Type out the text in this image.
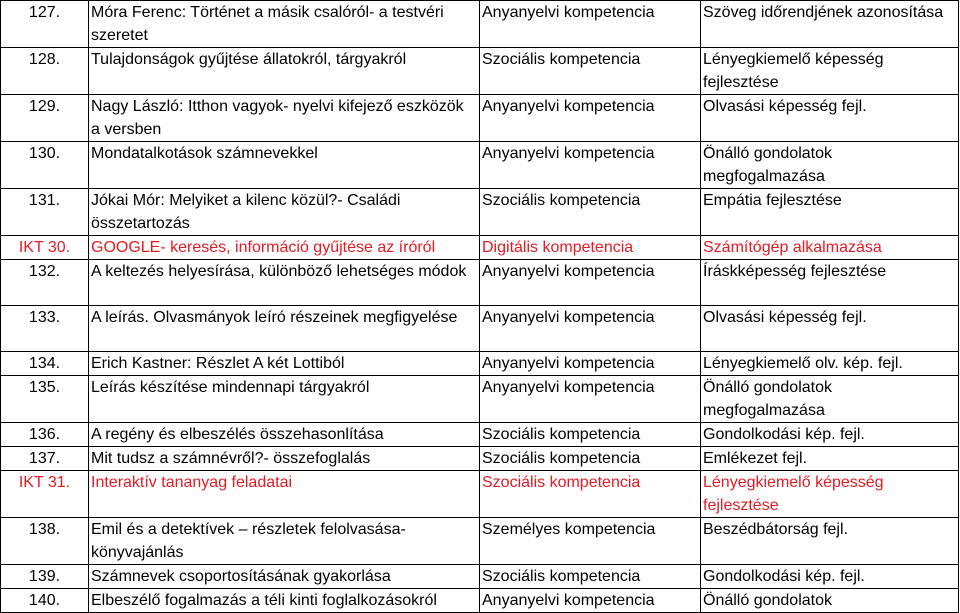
127.	Móra Ferenc: Történet a másik csalóról- a testvéri szeretet	Anyanyelvi kompetencia	Szöveg időrendjének azonosítása
128.	Tulajdonságok gyűjtése állatokról, tárgyakról	Szociális kompetencia	Lényegkiemelő képesség fejlesztése
129.	Nagy László: Itthon vagyok- nyelvi kifejező eszközök a versben	Anyanyelvi kompetencia	Olvasási képesség fejl.
130.	Mondatalkotások számnevekkel	Anyanyelvi kompetencia	Önálló gondolatok megfogalmazása
131.	Jókai Mór: Melyiket a kilenc közül?- Családi összetartozás	Szociális kompetencia	Empátia fejlesztése
IKT 30.	GOOGLE- keresés, információ gyűjtése az íróról	Digitális kompetencia	Számítógép alkalmazása
132.	A keltezés helyesírása, különböző lehetséges módok	Anyanyelvi kompetencia	Íráskképesség fejlesztése
133.	A leírás. Olvasmányok leíró részeinek megfigyelése	Anyanyelvi kompetencia	Olvasási képesség fejl.
134.	Erich Kastner: Részlet A két Lottiból	Anyanyelvi kompetencia	Lényegkiemelő olv. kép. fejl.
135.	Leírás készítése mindennapi tárgyakról	Anyanyelvi kompetencia	Önálló gondolatok megfogalmazása
136.	A regény és elbeszélés összehasonlítása	Szociális kompetencia	Gondolkodási kép. fejl.
137.	Mit tudsz a számnévről?- összefoglalás	Szociális kompetencia	Emlékezet fejl.
IKT 31.	Interaktív tananyag feladatai	Szociális kompetencia	Lényegkiemelő képesség fejlesztése
138.	Emil és a detektívek – részletek felolvasása-könyvajánlás	Személyes kompetencia	Beszédbátorság fejl.
139.	Számnevek csoportosításának gyakorlása	Szociális kompetencia	Gondolkodási kép. fejl.
140.	Elbeszélő fogalmazás a téli kinti foglalkozásokról	Anyanyelvi kompetencia	Önálló gondolatok
